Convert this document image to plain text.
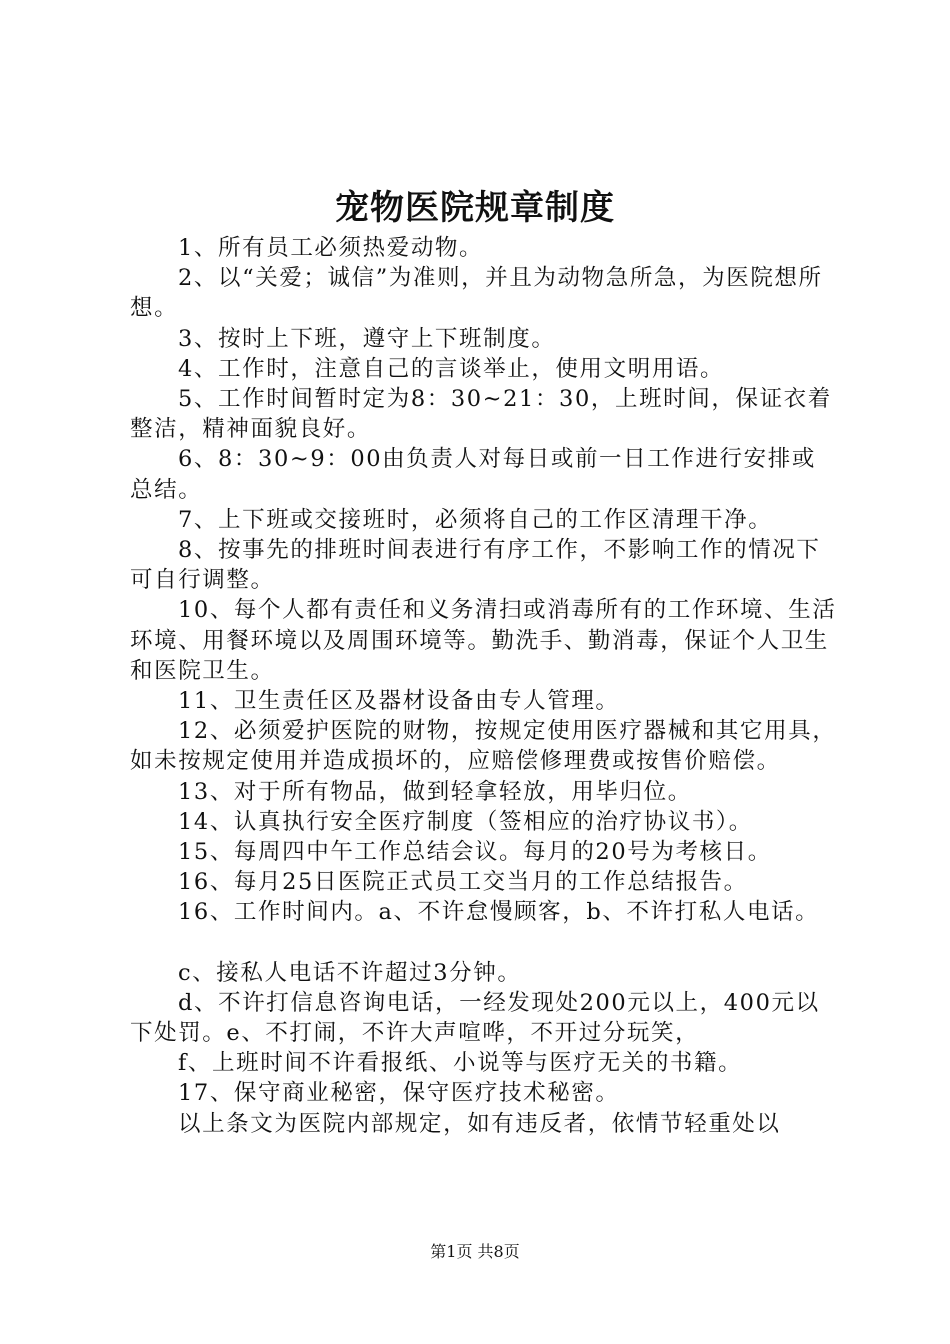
宠物医院规章制度

1、所有员工必须热爱动物。

2、以“关爱；诚信”为准则，并且为动物急所急，为医院想所想。

3、按时上下班，遵守上下班制度。

4、工作时，注意自己的言谈举止，使用文明用语。

5、工作时间暂时定为8：30~21：30，上班时间，保证衣着整洁，精神面貌良好。

6、8：30~9：00由负责人对每日或前一日工作进行安排或总结。

7、上下班或交接班时，必须将自己的工作区清理干净。

8、按事先的排班时间表进行有序工作，不影响工作的情况下可自行调整。

10、每个人都有责任和义务清扫或消毒所有的工作环境、生活环境、用餐环境以及周围环境等。勤洗手、勤消毒，保证个人卫生和医院卫生。

11、卫生责任区及器材设备由专人管理。

12、必须爱护医院的财物，按规定使用医疗器械和其它用具，如未按规定使用并造成损坏的，应赔偿修理费或按售价赔偿。

13、对于所有物品，做到轻拿轻放，用毕归位。

14、认真执行安全医疗制度（签相应的治疗协议书）。

15、每周四中午工作总结会议。每月的20号为考核日。

16、每月25日医院正式员工交当月的工作总结报告。

16、工作时间内。a、不许怠慢顾客，b、不许打私人电话。

c、接私人电话不许超过3分钟。

d、不许打信息咨询电话，一经发现处200元以上，400元以下处罚。e、不打闹，不许大声喧哗，不开过分玩笑，

f、上班时间不许看报纸、小说等与医疗无关的书籍。

17、保守商业秘密，保守医疗技术秘密。

以上条文为医院内部规定，如有违反者，依情节轻重处以

第1页 共8页
